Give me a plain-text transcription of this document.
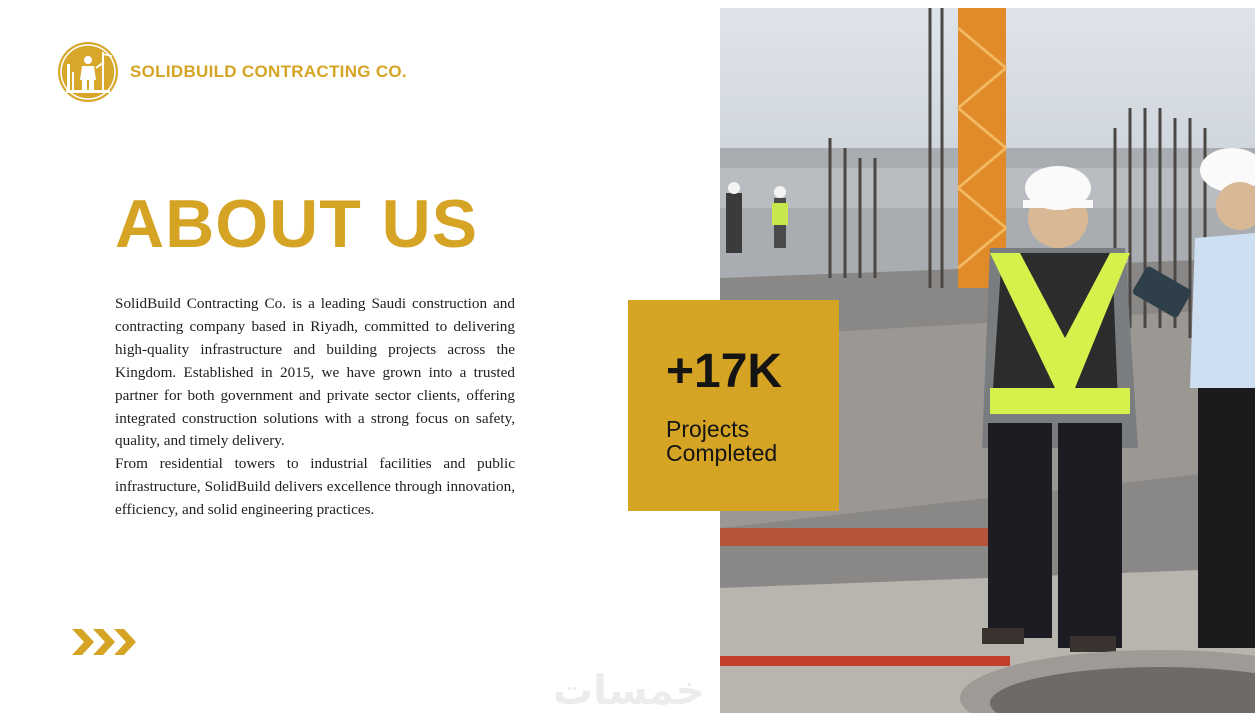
SOLIDBUILD CONTRACTING CO.
ABOUT US

SolidBuild Contracting Co. is a leading Saudi construction and contracting company based in Riyadh, committed to delivering high-quality infrastructure and building projects across the Kingdom. Established in 2015, we have grown into a trusted partner for both government and private sector clients, offering integrated construction solutions with a strong focus on safety, quality, and timely delivery.

From residential towers to industrial facilities and public infrastructure, SolidBuild delivers excellence through innovation, efficiency, and solid engineering practices.

خمسات
+17K
Projects Completed
